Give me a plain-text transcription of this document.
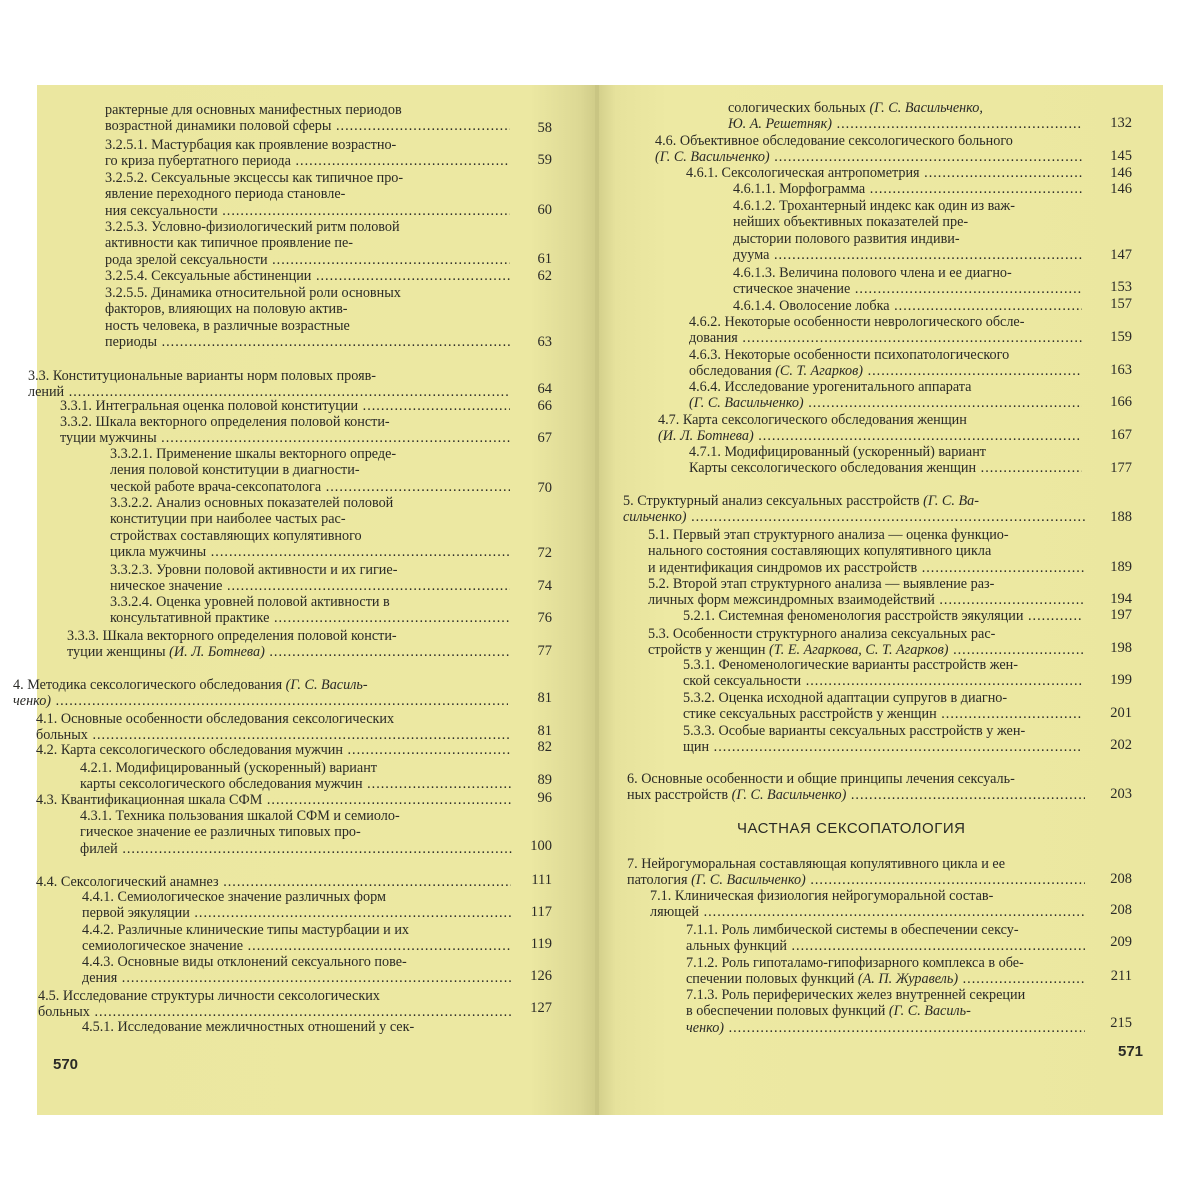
рактерные для основных манифестных периодов
возрастной динамики половой сферы .....	58
3.2.5.1. Мастурбация как проявление возрастно-
го кризa пубертатного периода .....	59
3.2.5.2. Сексуальные эксцессы как типичное про-
явление переходного периода становле-
ния сексуальности .....	60
3.2.5.3. Условно-физиологический ритм половой
активности как типичное проявление пе-
рода зрелой сексуальности .....	61
3.2.5.4. Сексуальные абстиненции .....	62
3.2.5.5. Динамика относительной роли основных
факторов, влияющих на половую актив-
ность человека, в различные возрастные
периоды .....	63
3.3. Конституциональные варианты норм половых прояв-
лений .....	64
3.3.1. Интегральная оценка половой конституции .....	66
3.3.2. Шкала векторного определения половой консти-
туции мужчины .....	67
3.3.2.1. Применение шкалы векторного опреде-
ления половой конституции в диагности-
ческой работе врача-сексопатолога .....	70
3.3.2.2. Анализ основных показателей половой
конституции при наиболее частых рас-
стройствах составляющих копулятивного
цикла мужчины .....	72
3.3.2.3. Уровни половой активности и их гигие-
ническое значение .....	74
3.3.2.4. Оценка уровней половой активности в
консультативной практике .....	76
3.3.3. Шкала векторного определения половой консти-
туции женщины (И. Л. Ботнева) .....	77
4. Методика сексологического обследования (Г. С. Василь-
ченко) .....	81
4.1. Основные особенности обследования сексологических
больных .....	81
4.2. Карта сексологического обследования мужчин .....	82
4.2.1. Модифицированный (ускоренный) вариант
карты сексологического обследования мужчин .....	89
4.3. Квантификационная шкала СФМ .....	96
4.3.1. Техника пользования шкалой СФМ и семиоло-
гическое значение ее различных типовых про-
филей .....	100
4.4. Сексологический анамнез .....	111
4.4.1. Семиологическое значение различных форм
первой эякуляции .....	117
4.4.2. Различные клинические типы мастурбации и их
семиологическое значение .....	119
4.4.3. Основные виды отклонений сексуального пове-
дения .....	126
4.5. Исследование структуры личности сексологических
больных .....	127
4.5.1. Исследование межличностных отношений у сек-
570
сологических больных (Г. С. Васильченко,
Ю. А. Решетняк) .....	132
4.6. Объективное обследование сексологического больного
(Г. С. Васильченко) .....	145
4.6.1. Сексологическая антропометрия .....	146
4.6.1.1. Морфограмма .....	146
4.6.1.2. Трохантерный индекс как один из важ-
нейших объективных показателей пре-
дыстории полового развития индиви-
дуума .....	147
4.6.1.3. Величина полового члена и ее диагно-
стическое значение .....	153
4.6.1.4. Оволосение лобка .....	157
4.6.2. Некоторые особенности неврологического обсле-
дования .....	159
4.6.3. Некоторые особенности психопатологического
обследования (С. Т. Агарков) .....	163
4.6.4. Исследование урогенитального аппарата
(Г. С. Васильченко) .....	166
4.7. Карта сексологического обследования женщин
(И. Л. Ботнева) .....	167
4.7.1. Модифицированный (ускоренный) вариант
Карты сексологического обследования женщин .....	177
5. Структурный анализ сексуальных расстройств (Г. С. Ва-
сильченко) .....	188
5.1. Первый этап структурного анализа — оценка функцио-
нального состояния составляющих копулятивного цикла
и идентификация синдромов их расстройств .....	189
5.2. Второй этап структурного анализа — выявление раз-
личных форм межсиндромных взаимодействий .....	194
5.2.1. Системная феноменология расстройств эякуляции .....	197
5.3. Особенности структурного анализа сексуальных рас-
стройств у женщин (Т. Е. Агаркова, С. Т. Агарков) .....	198
5.3.1. Феноменологические варианты расстройств жен-
ской сексуальности .....	199
5.3.2. Оценка исходной адаптации супругов в диагно-
стике сексуальных расстройств у женщин .....	201
5.3.3. Особые варианты сексуальных расстройств у жен-
щин .....	202
6. Основные особенности и общие принципы лечения сексуаль-
ных расстройств (Г. С. Васильченко) .....	203
7. Нейрогуморальная составляющая копулятивного цикла и ее
патология (Г. С. Васильченко) .....	208
7.1. Клиническая физиология нейрогуморальной состав-
ляющей .....	208
7.1.1. Роль лимбической системы в обеспечении сексу-
альных функций .....	209
7.1.2. Роль гипоталамо-гипофизарного комплекса в обе-
спечении половых функций (А. П. Журавель) .....	211
7.1.3. Роль периферических желез внутренней секреции
в обеспечении половых функций (Г. С. Василь-
ченко) .....	215
571
ЧАСТНАЯ СЕКСОПАТОЛОГИЯ
